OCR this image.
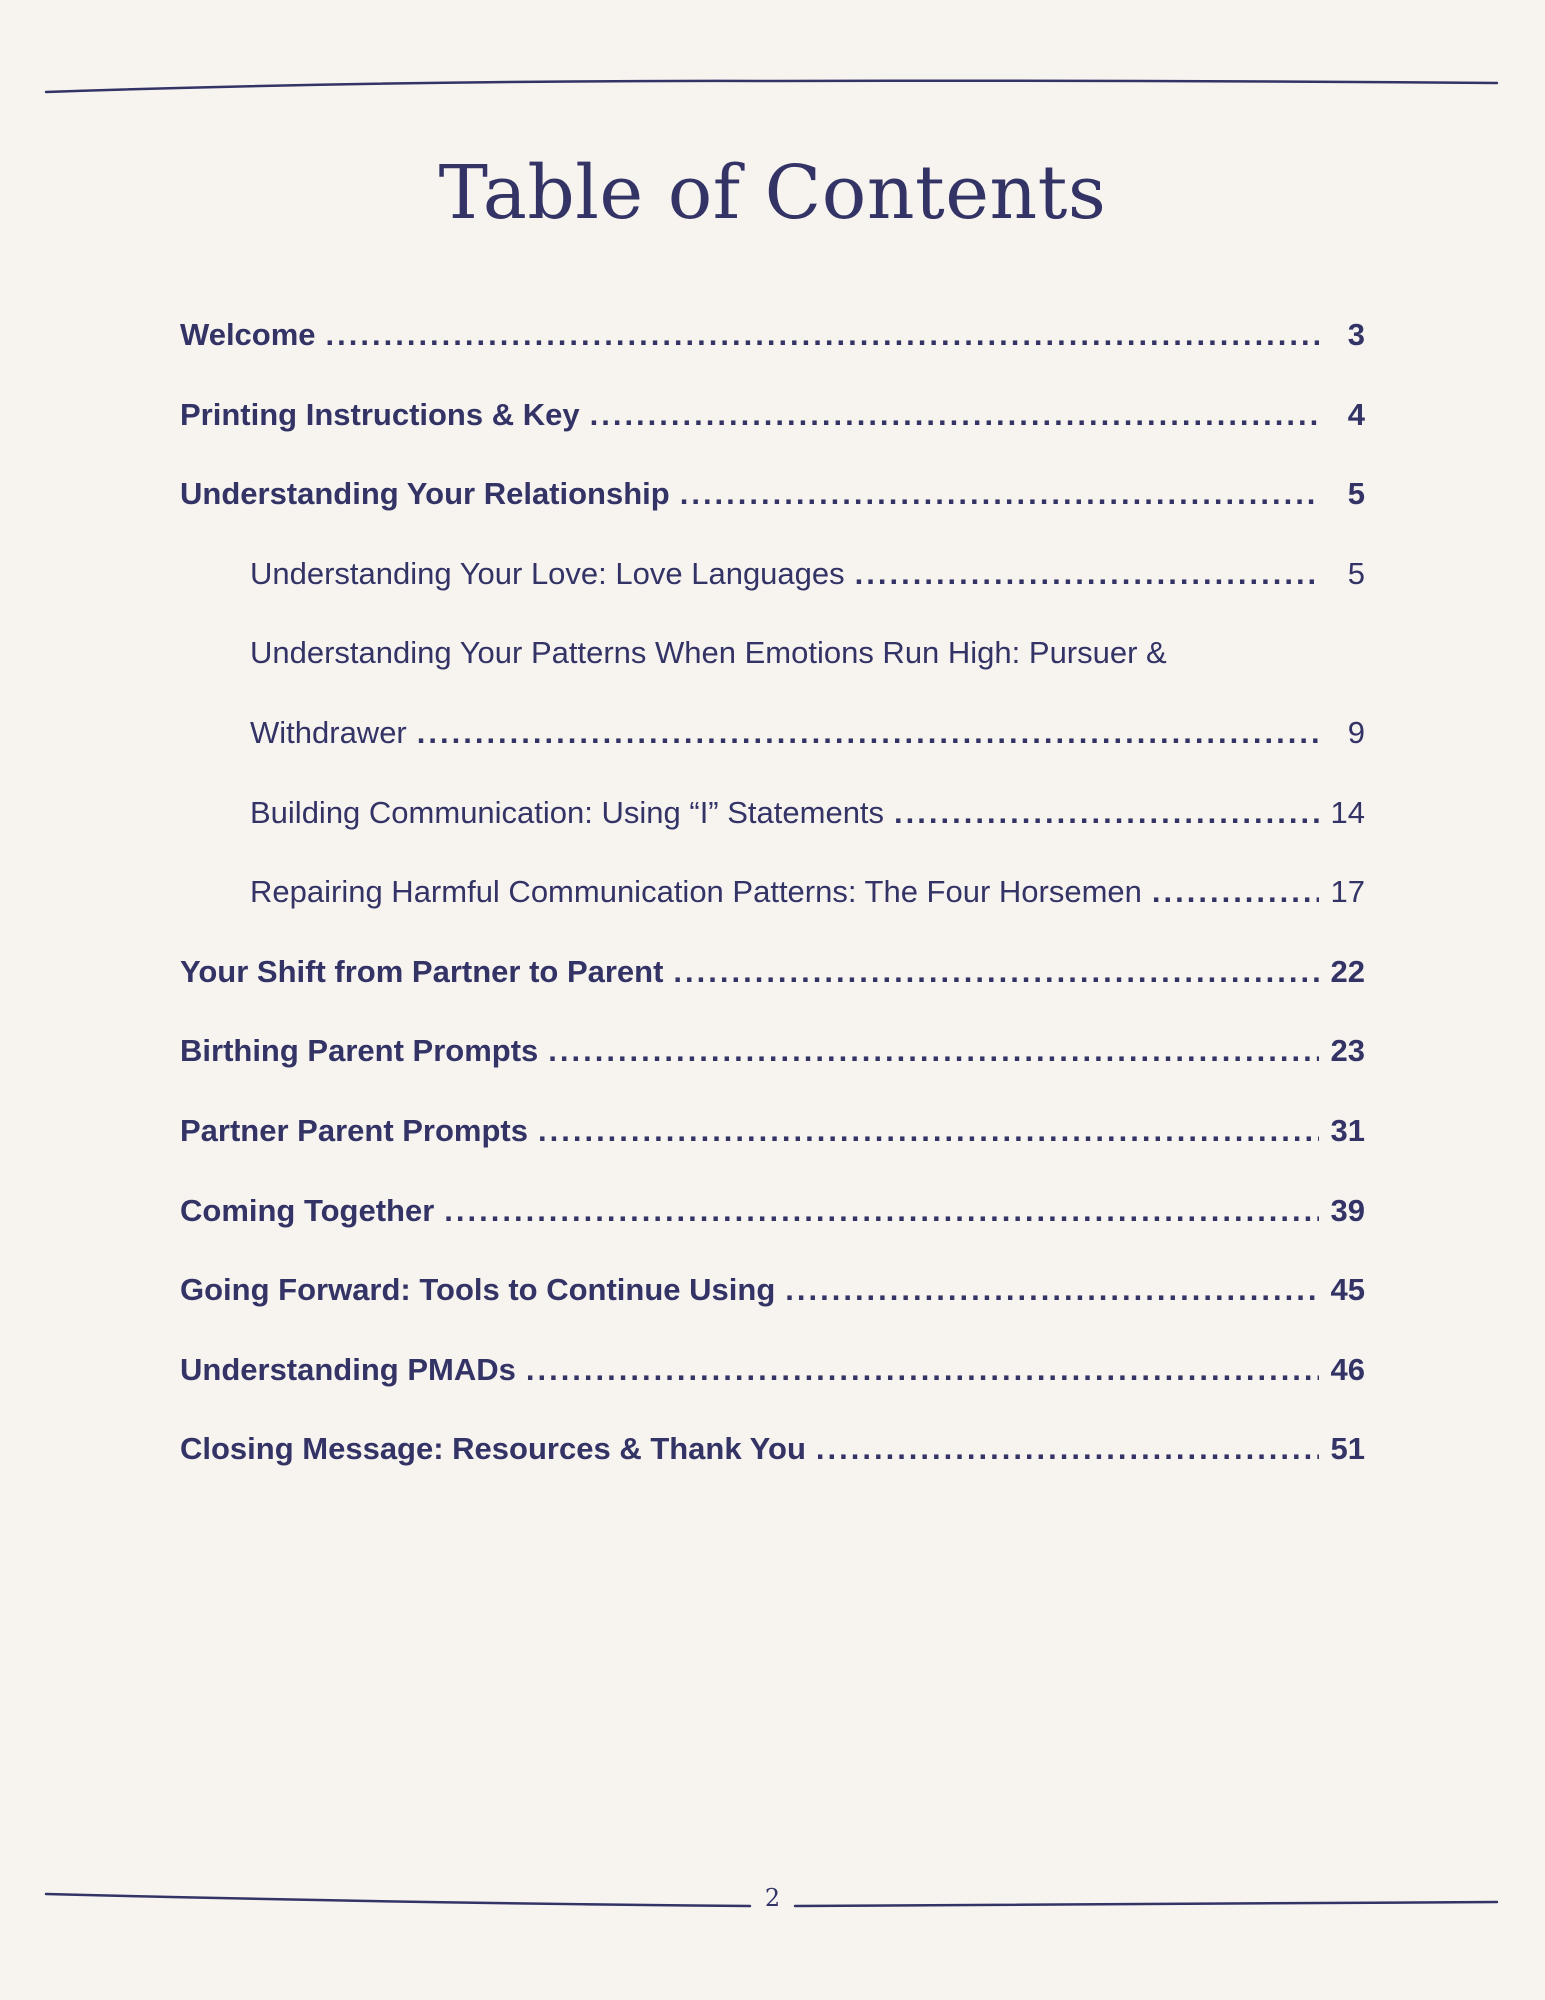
Table of Contents
Welcome .....	3
Printing Instructions & Key .....	4
Understanding Your Relationship .....	5
Understanding Your Love: Love Languages .....	5
Understanding Your Patterns When Emotions Run High: Pursuer &
Withdrawer .....	9
Building Communication: Using “I” Statements .....	14
Repairing Harmful Communication Patterns: The Four Horsemen .....	17
Your Shift from Partner to Parent .....	22
Birthing Parent Prompts .....	23
Partner Parent Prompts .....	31
Coming Together .....	39
Going Forward: Tools to Continue Using .....	45
Understanding PMADs .....	46
Closing Message: Resources & Thank You .....	51
2
